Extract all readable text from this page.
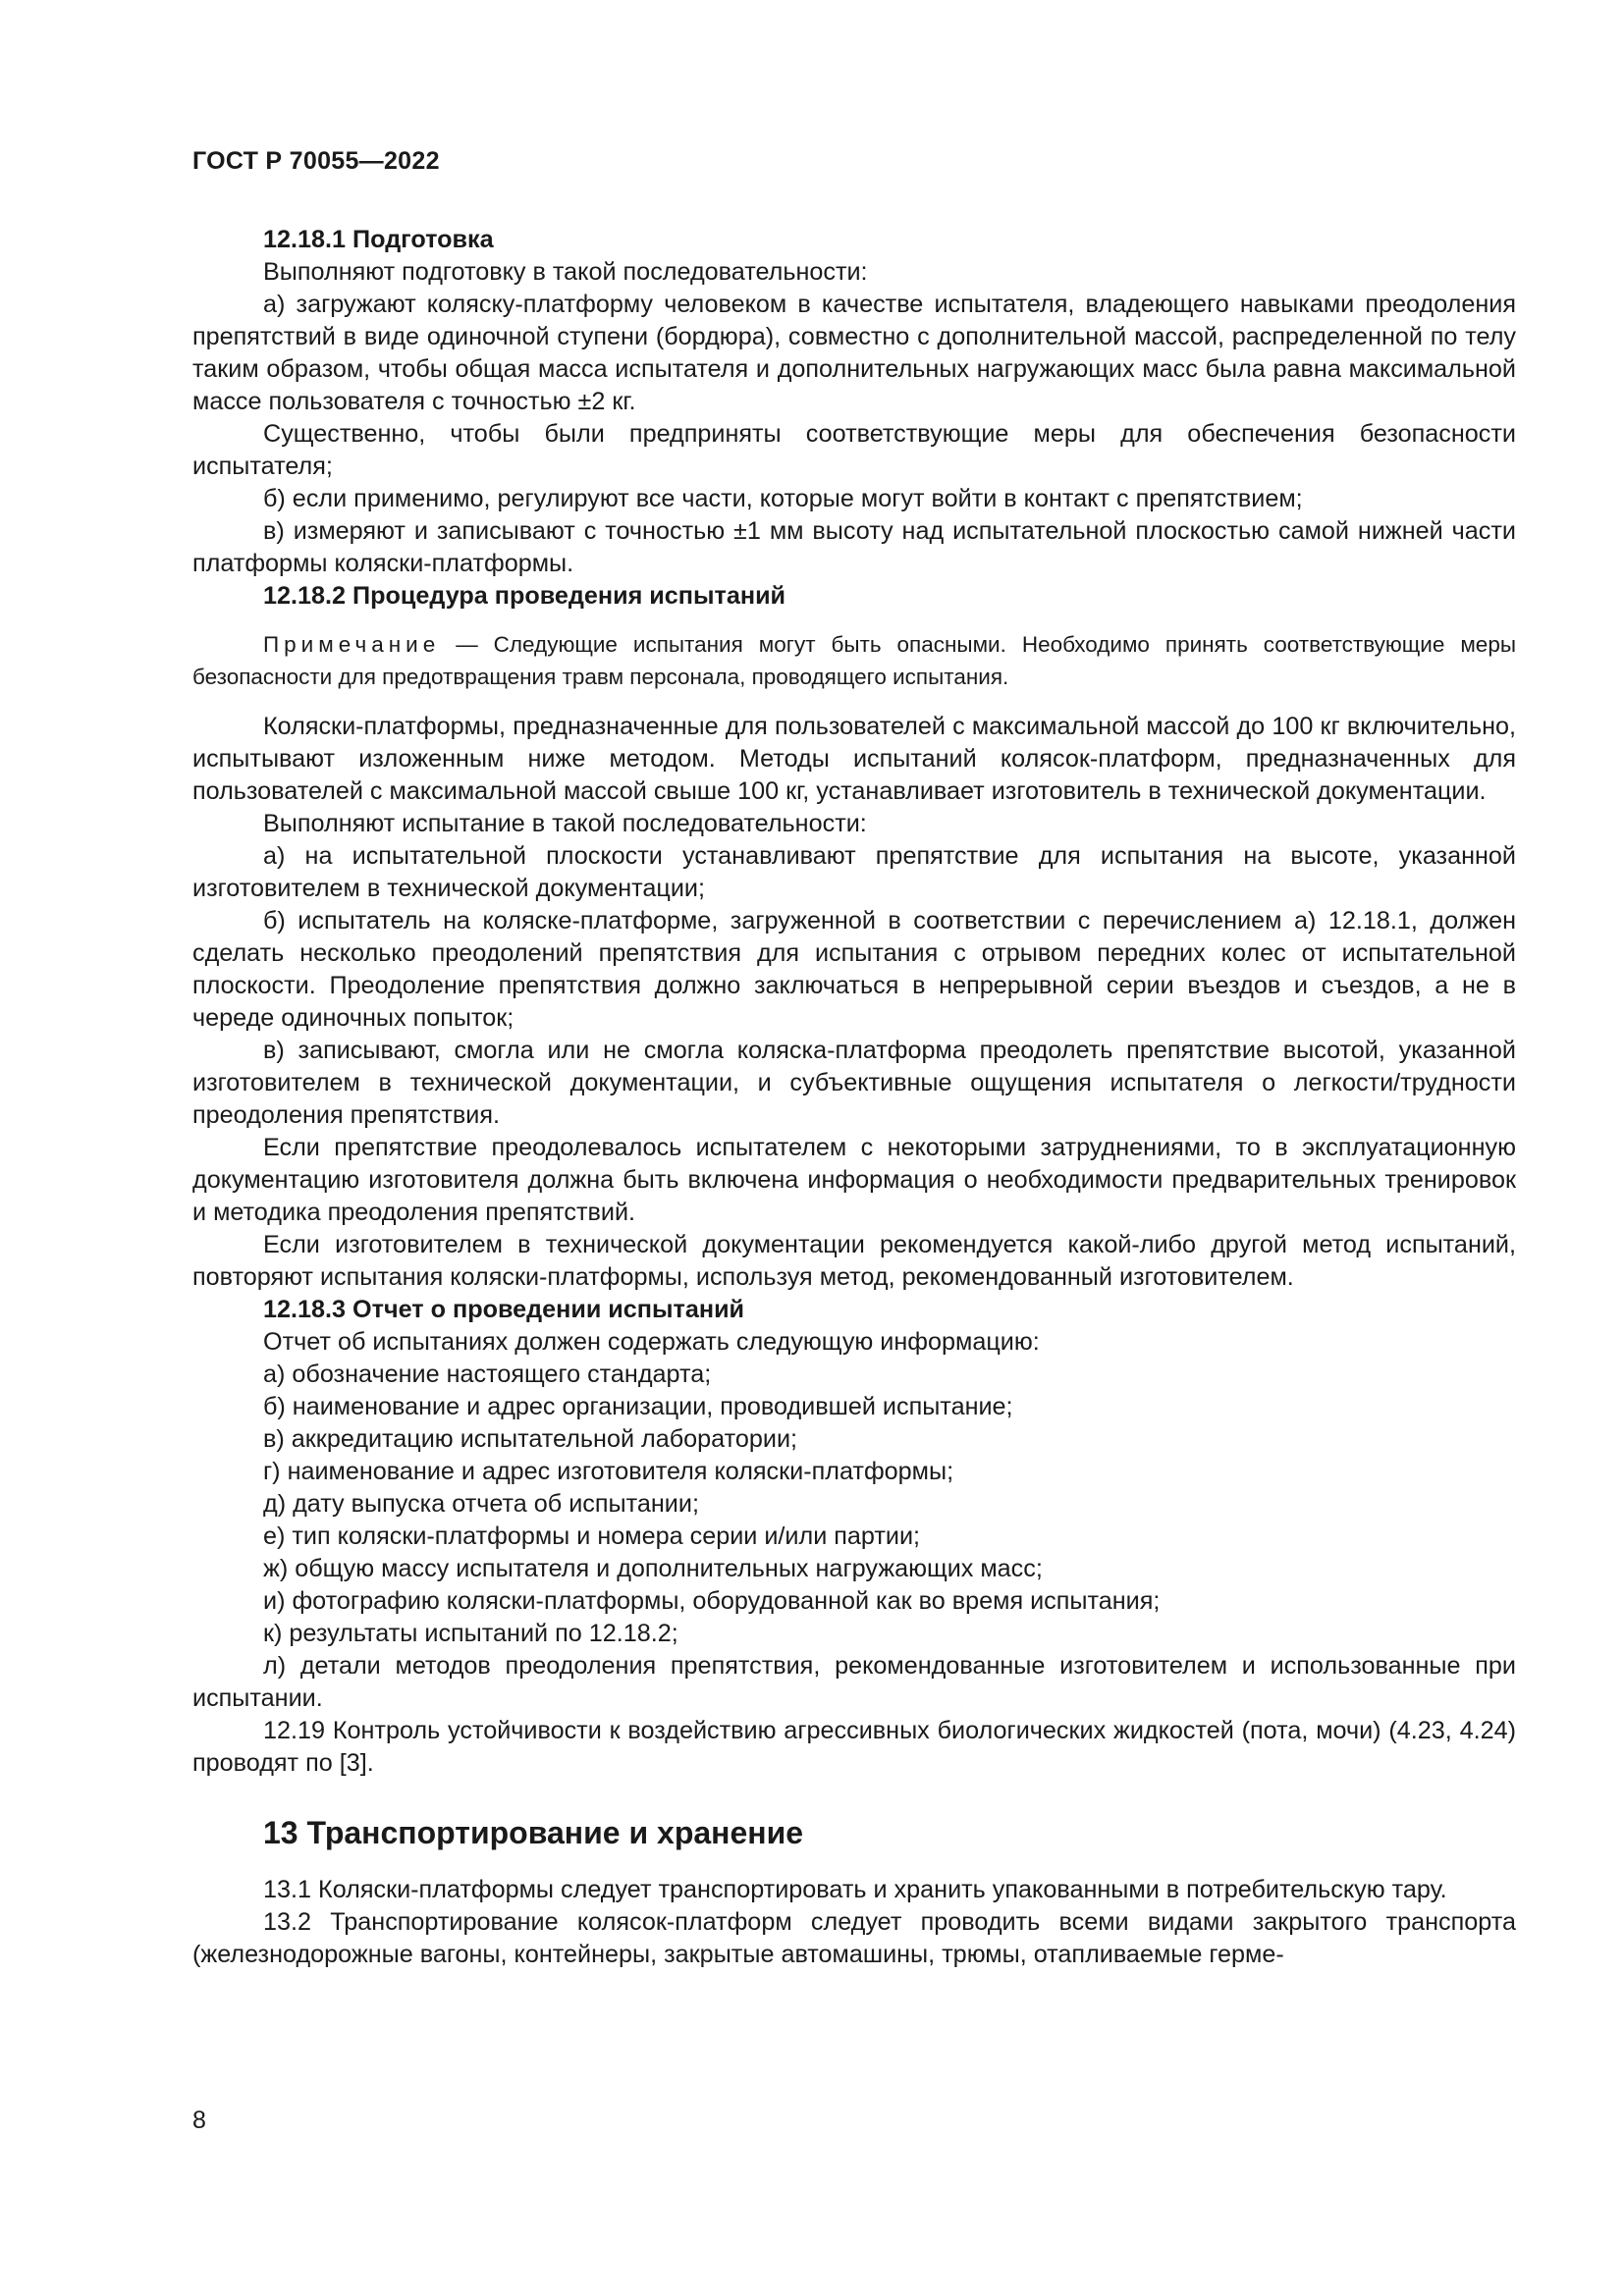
ГОСТ Р 70055—2022

12.18.1 Подготовка

Выполняют подготовку в такой последовательности:

а) загружают коляску-платформу человеком в качестве испытателя, владеющего навыками преодоления препятствий в виде одиночной ступени (бордюра), совместно с дополнительной массой, распределенной по телу таким образом, чтобы общая масса испытателя и дополнительных нагружающих масс была равна максимальной массе пользователя с точностью ±2 кг.

Существенно, чтобы были предприняты соответствующие меры для обеспечения безопасности испытателя;

б) если применимо, регулируют все части, которые могут войти в контакт с препятствием;

в) измеряют и записывают с точностью ±1 мм высоту над испытательной плоскостью самой нижней части платформы коляски-платформы.

12.18.2 Процедура проведения испытаний

Примечание — Следующие испытания могут быть опасными. Необходимо принять соответствующие меры безопасности для предотвращения травм персонала, проводящего испытания.

Коляски-платформы, предназначенные для пользователей с максимальной массой до 100 кг включительно, испытывают изложенным ниже методом. Методы испытаний колясок-платформ, предназначенных для пользователей с максимальной массой свыше 100 кг, устанавливает изготовитель в технической документации.

Выполняют испытание в такой последовательности:

а) на испытательной плоскости устанавливают препятствие для испытания на высоте, указанной изготовителем в технической документации;

б) испытатель на коляске-платформе, загруженной в соответствии с перечислением а) 12.18.1, должен сделать несколько преодолений препятствия для испытания с отрывом передних колес от испытательной плоскости. Преодоление препятствия должно заключаться в непрерывной серии въездов и съездов, а не в череде одиночных попыток;

в) записывают, смогла или не смогла коляска-платформа преодолеть препятствие высотой, указанной изготовителем в технической документации, и субъективные ощущения испытателя о легкости/трудности преодоления препятствия.

Если препятствие преодолевалось испытателем с некоторыми затруднениями, то в эксплуатационную документацию изготовителя должна быть включена информация о необходимости предварительных тренировок и методика преодоления препятствий.

Если изготовителем в технической документации рекомендуется какой-либо другой метод испытаний, повторяют испытания коляски-платформы, используя метод, рекомендованный изготовителем.

12.18.3 Отчет о проведении испытаний

Отчет об испытаниях должен содержать следующую информацию:

а) обозначение настоящего стандарта;

б) наименование и адрес организации, проводившей испытание;

в) аккредитацию испытательной лаборатории;

г) наименование и адрес изготовителя коляски-платформы;

д) дату выпуска отчета об испытании;

е) тип коляски-платформы и номера серии и/или партии;

ж) общую массу испытателя и дополнительных нагружающих масс;

и) фотографию коляски-платформы, оборудованной как во время испытания;

к) результаты испытаний по 12.18.2;

л) детали методов преодоления препятствия, рекомендованные изготовителем и использованные при испытании.

12.19 Контроль устойчивости к воздействию агрессивных биологических жидкостей (пота, мочи) (4.23, 4.24) проводят по [3].

13 Транспортирование и хранение

13.1 Коляски-платформы следует транспортировать и хранить упакованными в потребительскую тару.

13.2 Транспортирование колясок-платформ следует проводить всеми видами закрытого транспорта (железнодорожные вагоны, контейнеры, закрытые автомашины, трюмы, отапливаемые герме-

8
